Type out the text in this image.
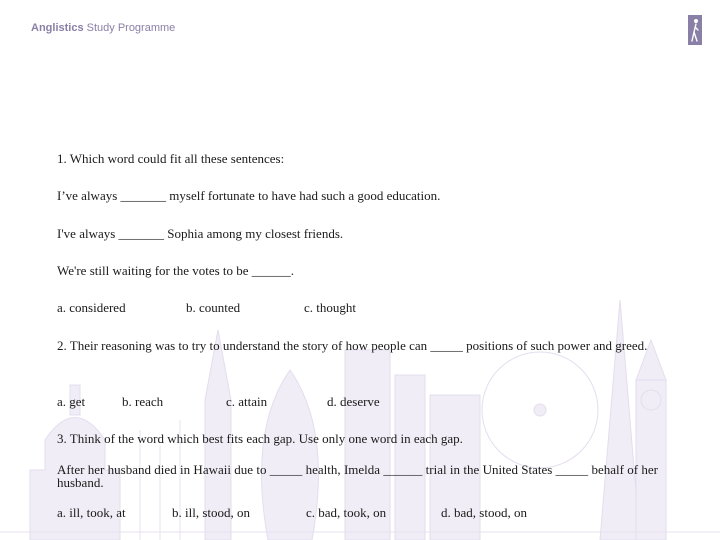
Anglistics Study Programme

1. Which word could fit all these sentences:

I’ve always _______ myself fortunate to have had such a good education.

I've always _______ Sophia among my closest friends.

We're still waiting for the votes to be ______.

a. considered	b. counted	c. thought

2. Their reasoning was to try to understand the story of how people can _____ positions of such power and greed.

a. get	b. reach	c. attain	d. deserve

3. Think of the word which best fits each gap. Use only one word in each gap.

After her husband died in Hawaii due to _____ health, Imelda ______ trial in the United States _____ behalf of her husband.

a. ill, took, at	b. ill, stood, on	c. bad, took, on	d. bad, stood, on
